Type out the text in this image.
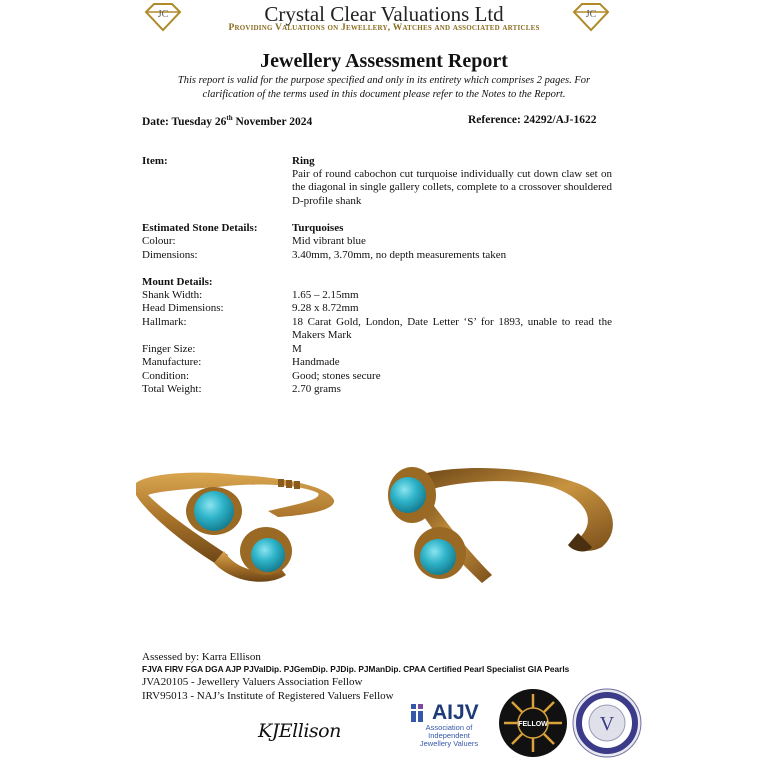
JC	JC
Crystal Clear Valuations Ltd
Providing Valuations on Jewellery, Watches and associated articles
Jewellery Assessment Report
This report is valid for the purpose specified and only in its entirety which comprises 2 pages. For
clarification of the terms used in this document please refer to the Notes to the Report.
Date: Tuesday 26th November 2024	Reference: 24292/AJ-1622
Item:	Ring
Pair of round cabochon cut turquoise individually cut down claw set on the diagonal in single gallery collets, complete to a crossover shouldered D-profile shank
Estimated Stone Details:	Turquoises
Colour:	Mid vibrant blue
Dimensions:	3.40mm, 3.70mm, no depth measurements taken
Mount Details:
Shank Width:	1.65 – 2.15mm
Head Dimensions:	9.28 x 8.72mm
Hallmark:	18 Carat Gold, London, Date Letter ‘S’ for 1893, unable to read the Makers Mark
Finger Size:	M
Manufacture:	Handmade
Condition:	Good; stones secure
Total Weight:	2.70 grams
Assessed by: Karra Ellison
FJVA FIRV FGA DGA AJP PJValDip. PJGemDip. PJDip. PJManDip. CPAA Certified Pearl Specialist GIA Pearls
JVA20105 - Jewellery Valuers Association Fellow
IRV95013 - NAJ’s Institute of Registered Valuers Fellow
KJEllison
AIJV
Association of Independent Jewellery Valuers
FELLOW	V
